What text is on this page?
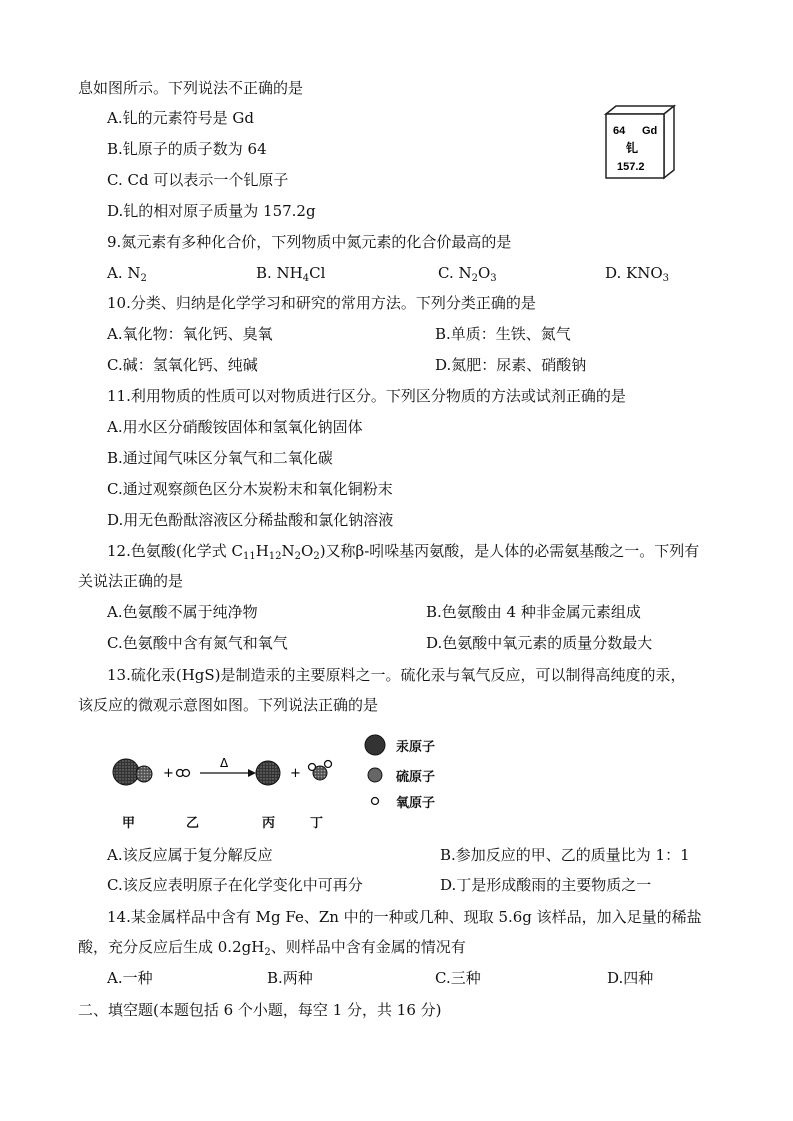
息如图所示。下列说法不正确的是
A.钆的元素符号是 Gd
B.钆原子的质子数为 64
C. Cd 可以表示一个钆原子
D.钆的相对原子质量为 157.2g
64 Gd
钆
157.2
9.氮元素有多种化合价，下列物质中氮元素的化合价最高的是
A. $N_2$	B. $NH_4Cl$	C. $N_2O_3$	D. $KNO_3$
10.分类、归纳是化学学习和研究的常用方法。下列分类正确的是
A.氧化物：氧化钙、臭氧	B.单质：生铁、氮气
C.碱：氢氧化钙、纯碱	D.氮肥：尿素、硝酸钠
11.利用物质的性质可以对物质进行区分。下列区分物质的方法或试剂正确的是
A.用水区分硝酸铵固体和氢氧化钠固体
B.通过闻气味区分氧气和二氧化碳
C.通过观察颜色区分木炭粉末和氧化铜粉末
D.用无色酚酞溶液区分稀盐酸和氯化钠溶液
12.色氨酸(化学式 $C_{11}H_{12}N_2O_2$)又称β-吲哚基丙氨酸，是人体的必需氨基酸之一。下列有
关说法正确的是
A.色氨酸不属于纯净物	B.色氨酸由 4 种非金属元素组成
C.色氨酸中含有氮气和氧气	D.色氨酸中氧元素的质量分数最大
13.硫化汞(HgS)是制造汞的主要原料之一。硫化汞与氧气反应，可以制得高纯度的汞，
该反应的微观示意图如图。下列说法正确的是
+
Δ
+
甲	乙	丙	丁
汞原子
硫原子
氧原子
A.该反应属于复分解反应	B.参加反应的甲、乙的质量比为 1：1
C.该反应表明原子在化学变化中可再分	D.丁是形成酸雨的主要物质之一
14.某金属样品中含有 Mg Fe、Zn 中的一种或几种、现取 5.6g 该样品，加入足量的稀盐
酸，充分反应后生成 $0.2gH_2$、则样品中含有金属的情况有
A.一种	B.两种	C.三种	D.四种
二、填空题(本题包括 6 个小题，每空 1 分，共 16 分)
